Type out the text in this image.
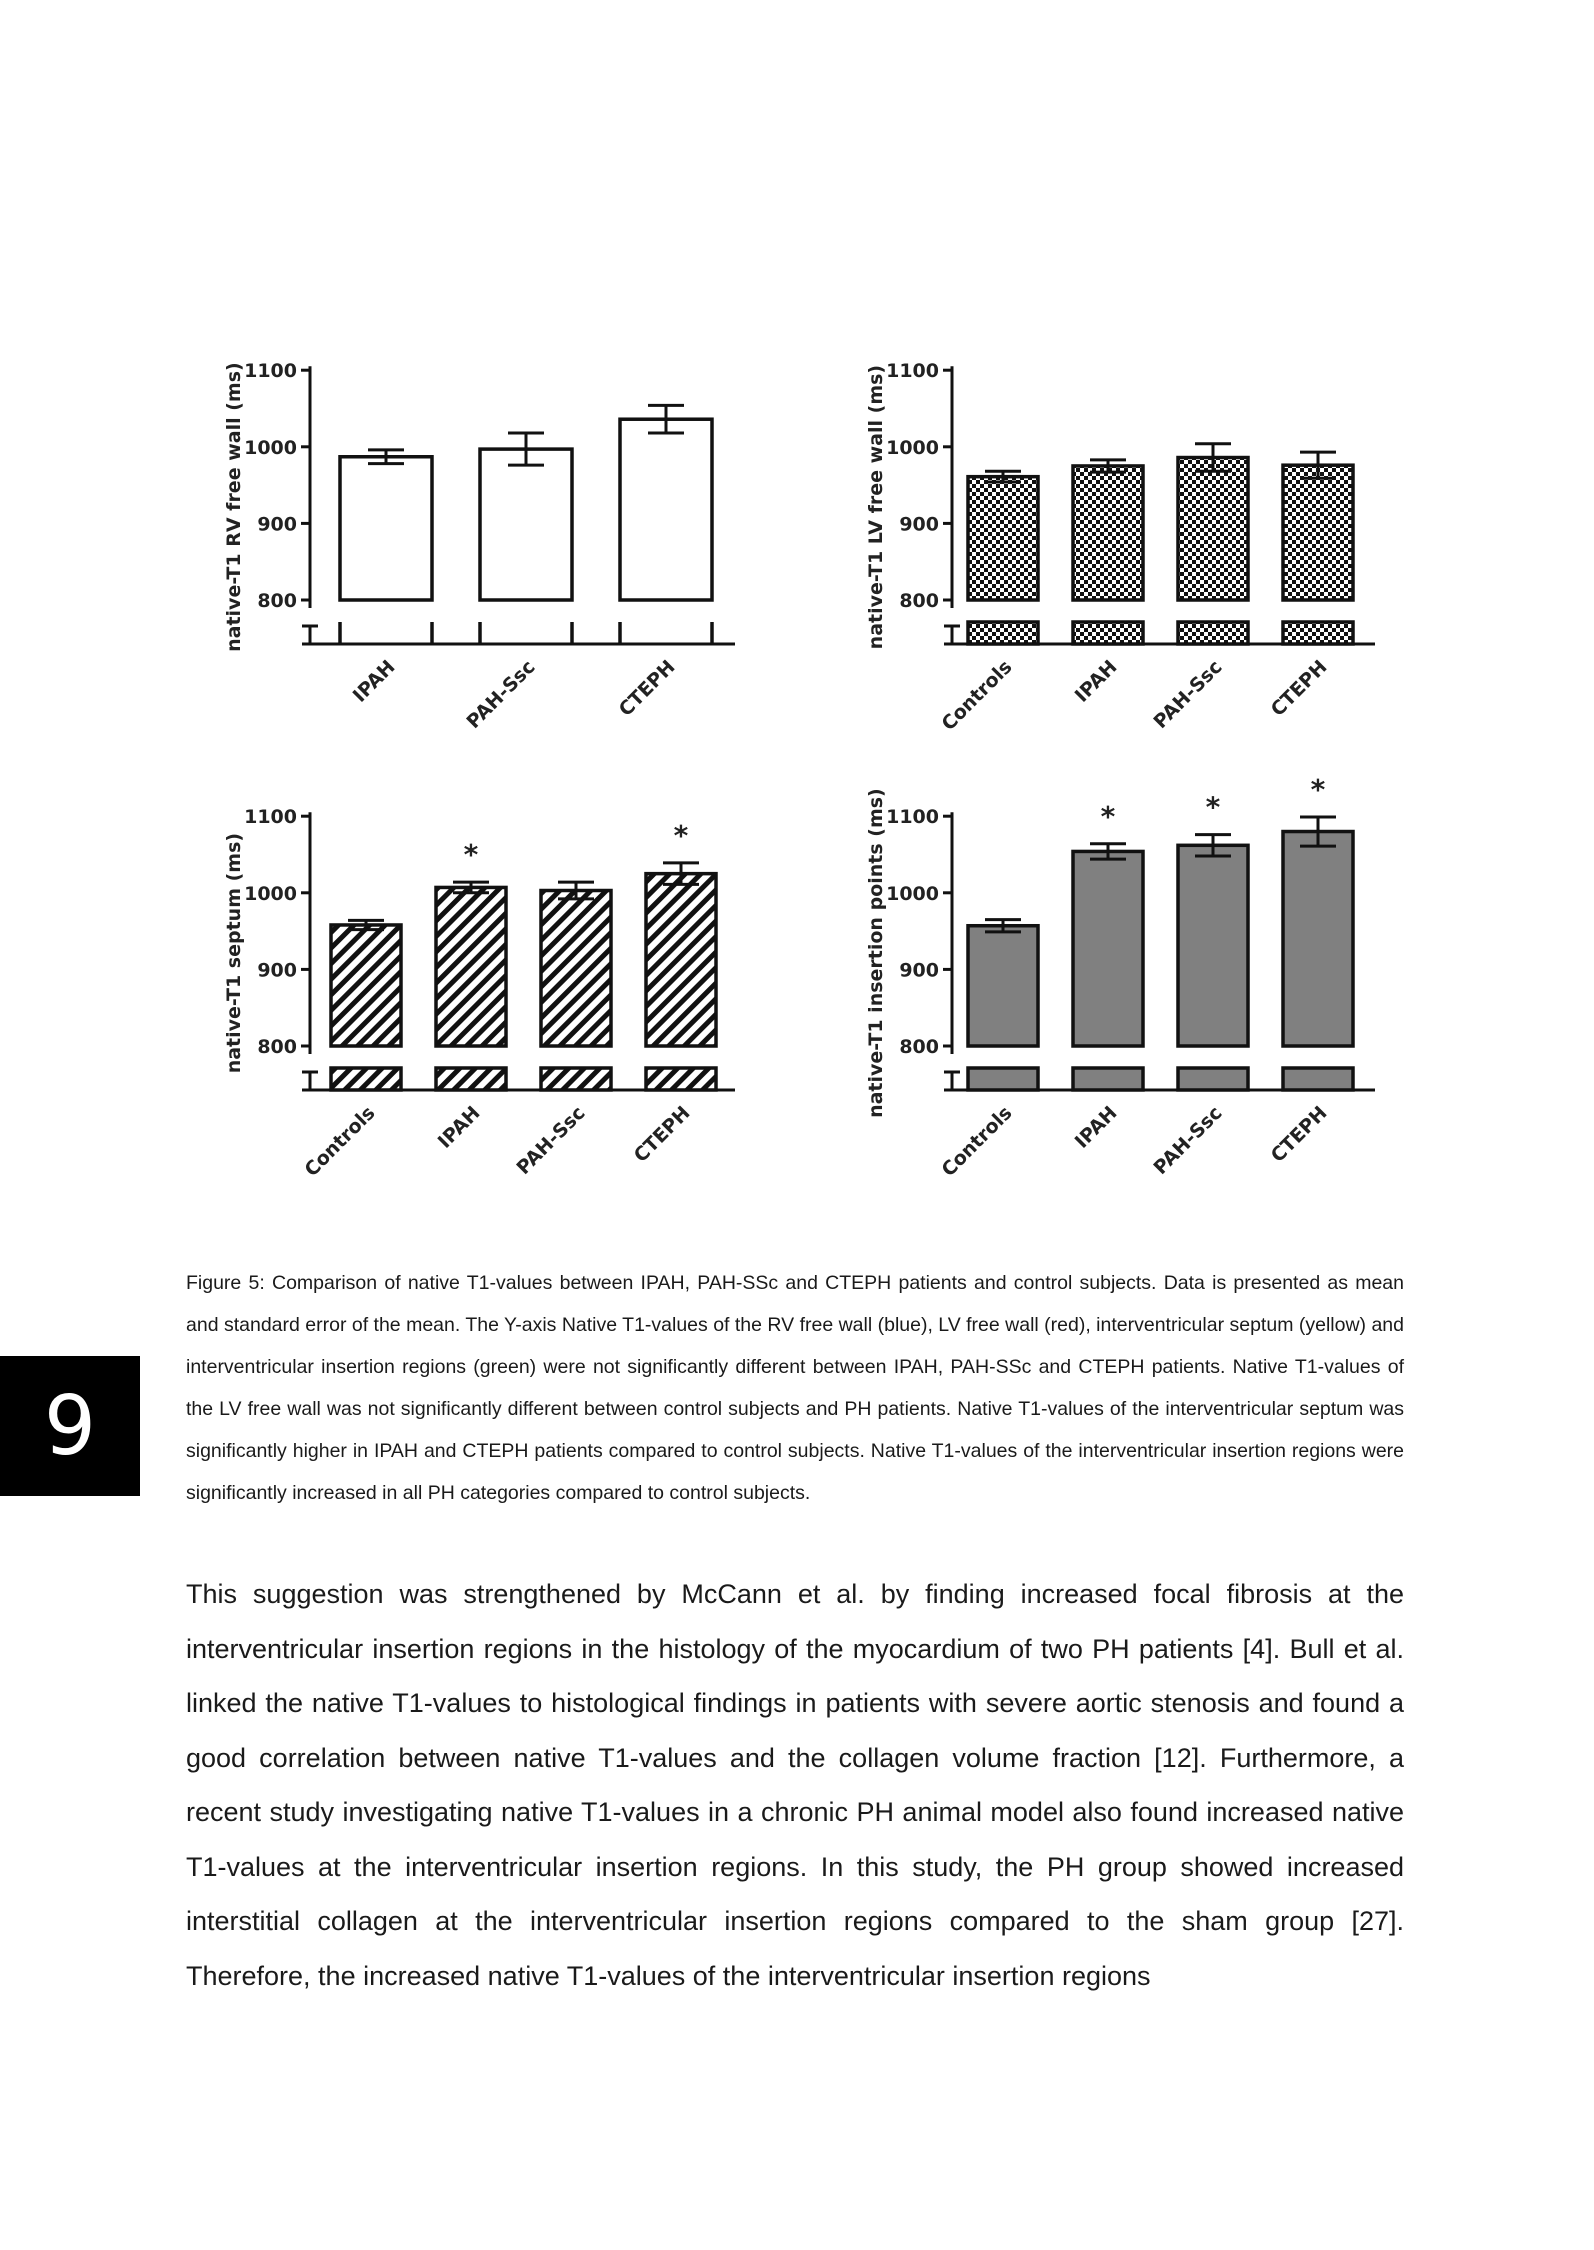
800
900
1000
1100
native-T1 RV free wall (ms)
IPAH	PAH-Ssc	CTEPH
800
900
1000
1100
native-T1 LV free wall (ms)
Controls	IPAH PAH-Ssc CTEPH
800
900
1000
1100
native-T1 septum (ms)
Controls
*
IPAH PAH-Ssc
*
CTEPH
800
900
1000
1100
native-T1 insertion points (ms)
Controls
*
IPAH
*
PAH-Ssc
*
CTEPH
9

Figure 5: Comparison of native T1-values between IPAH, PAH-SSc and CTEPH patients and control subjects. Data is presented as mean and standard error of the mean. The Y-axis Native T1-values of the RV free wall (blue), LV free wall (red), interventricular septum (yellow) and interventricular insertion regions (green) were not significantly different between IPAH, PAH-SSc and CTEPH patients. Native T1-values of the LV free wall was not significantly different between control subjects and PH patients. Native T1-values of the interventricular septum was significantly higher in IPAH and CTEPH patients compared to control subjects. Native T1-values of the interventricular insertion regions were significantly increased in all PH categories compared to control subjects.

This suggestion was strengthened by McCann et al. by finding increased focal fibrosis at the interventricular insertion regions in the histology of the myocardium of two PH patients [4]. Bull et al. linked the native T1-values to histological findings in patients with severe aortic stenosis and found a good correlation between native T1-values and the collagen volume fraction [12]. Furthermore, a recent study investigating native T1-values in a chronic PH animal model also found increased native T1-values at the interventricular insertion regions. In this study, the PH group showed increased interstitial collagen at the interventricular insertion regions compared to the sham group [27]. Therefore, the increased native T1-values of the interventricular insertion regions
